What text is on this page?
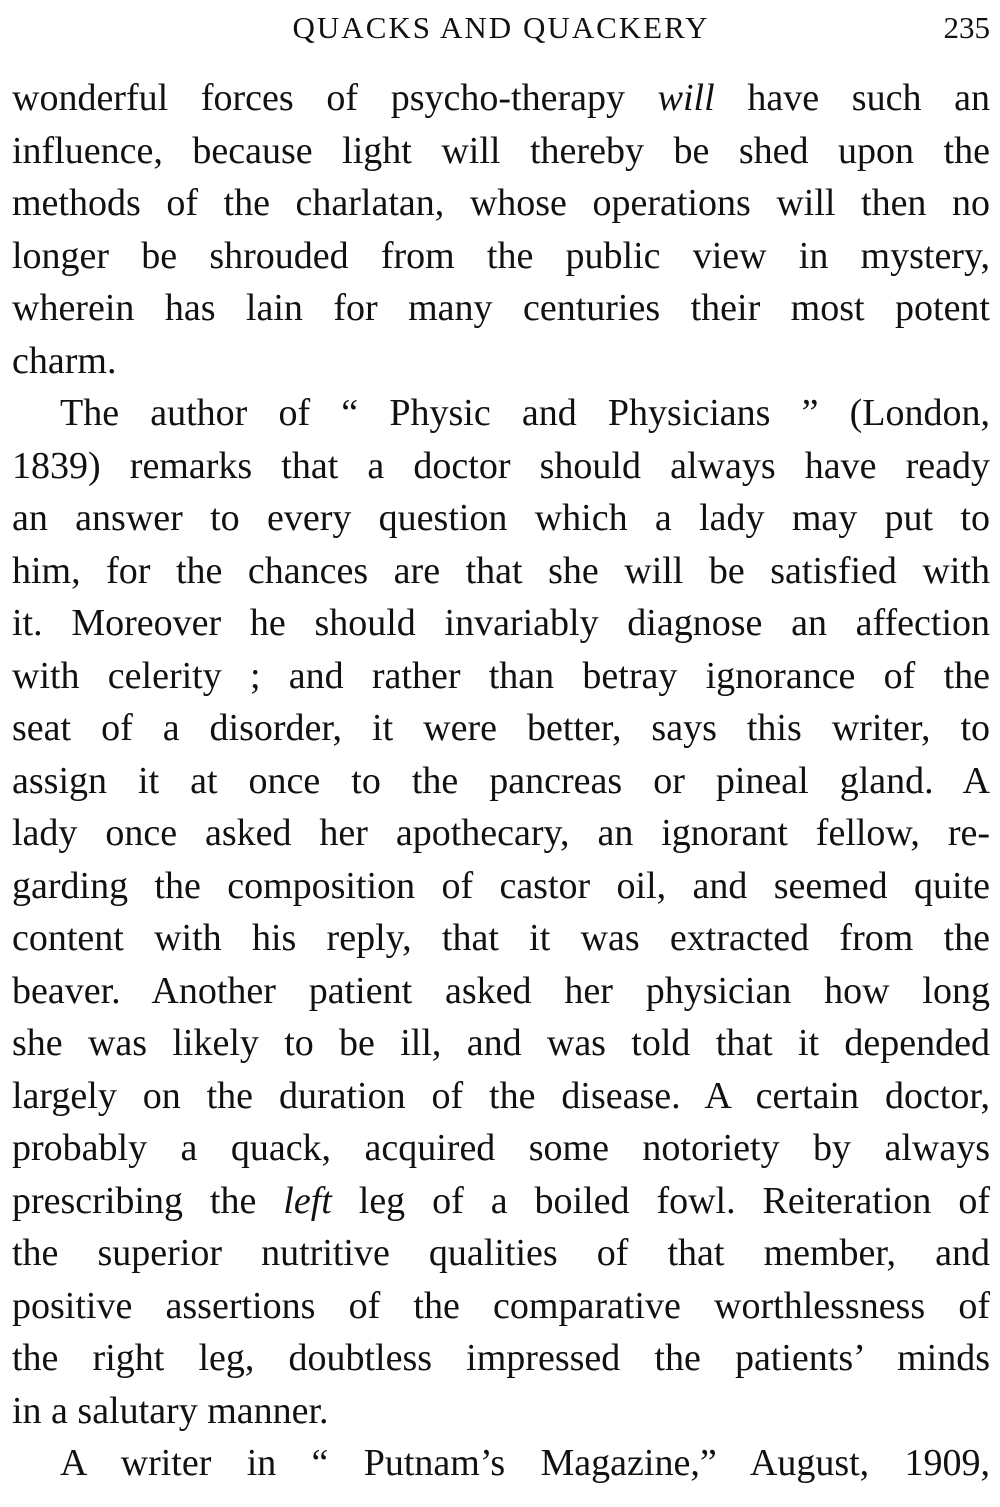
QUACKS AND QUACKERY	235
wonderful forces of psycho-therapy will have such an
influence, because light will thereby be shed upon the
methods of the charlatan, whose operations will then no
longer be shrouded from the public view in mystery,
wherein has lain for many centuries their most potent
charm.
The author of “ Physic and Physicians ” (London,
1839) remarks that a doctor should always have ready
an answer to every question which a lady may put to
him, for the chances are that she will be satisfied with
it. Moreover he should invariably diagnose an affection
with celerity ; and rather than betray ignorance of the
seat of a disorder, it were better, says this writer, to
assign it at once to the pancreas or pineal gland. A
lady once asked her apothecary, an ignorant fellow, re-
garding the composition of castor oil, and seemed quite
content with his reply, that it was extracted from the
beaver. Another patient asked her physician how long
she was likely to be ill, and was told that it depended
largely on the duration of the disease. A certain doctor,
probably a quack, acquired some notoriety by always
prescribing the left leg of a boiled fowl. Reiteration of
the superior nutritive qualities of that member, and
positive assertions of the comparative worthlessness of
the right leg, doubtless impressed the patients’ minds
in a salutary manner.
A writer in “ Putnam’s Magazine,” August, 1909,
